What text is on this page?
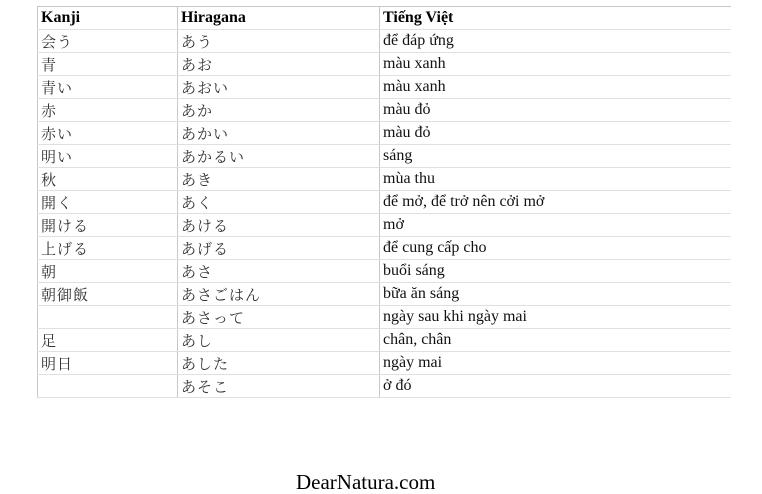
Kanji	Hiragana	Tiếng Việt
会う	あう	để đáp ứng
青	あお	màu xanh
青い	あおい	màu xanh
赤	あか	màu đỏ
赤い	あかい	màu đỏ
明い	あかるい	sáng
秋	あき	mùa thu
開く	あく	để mở, để trở nên cởi mở
開ける	あける	mở
上げる	あげる	để cung cấp cho
朝	あさ	buổi sáng
朝御飯	あさごはん	bữa ăn sáng
	あさって	ngày sau khi ngày mai
足	あし	chân, chân
明日	あした	ngày mai
	あそこ	ở đó
DearNatura.com
